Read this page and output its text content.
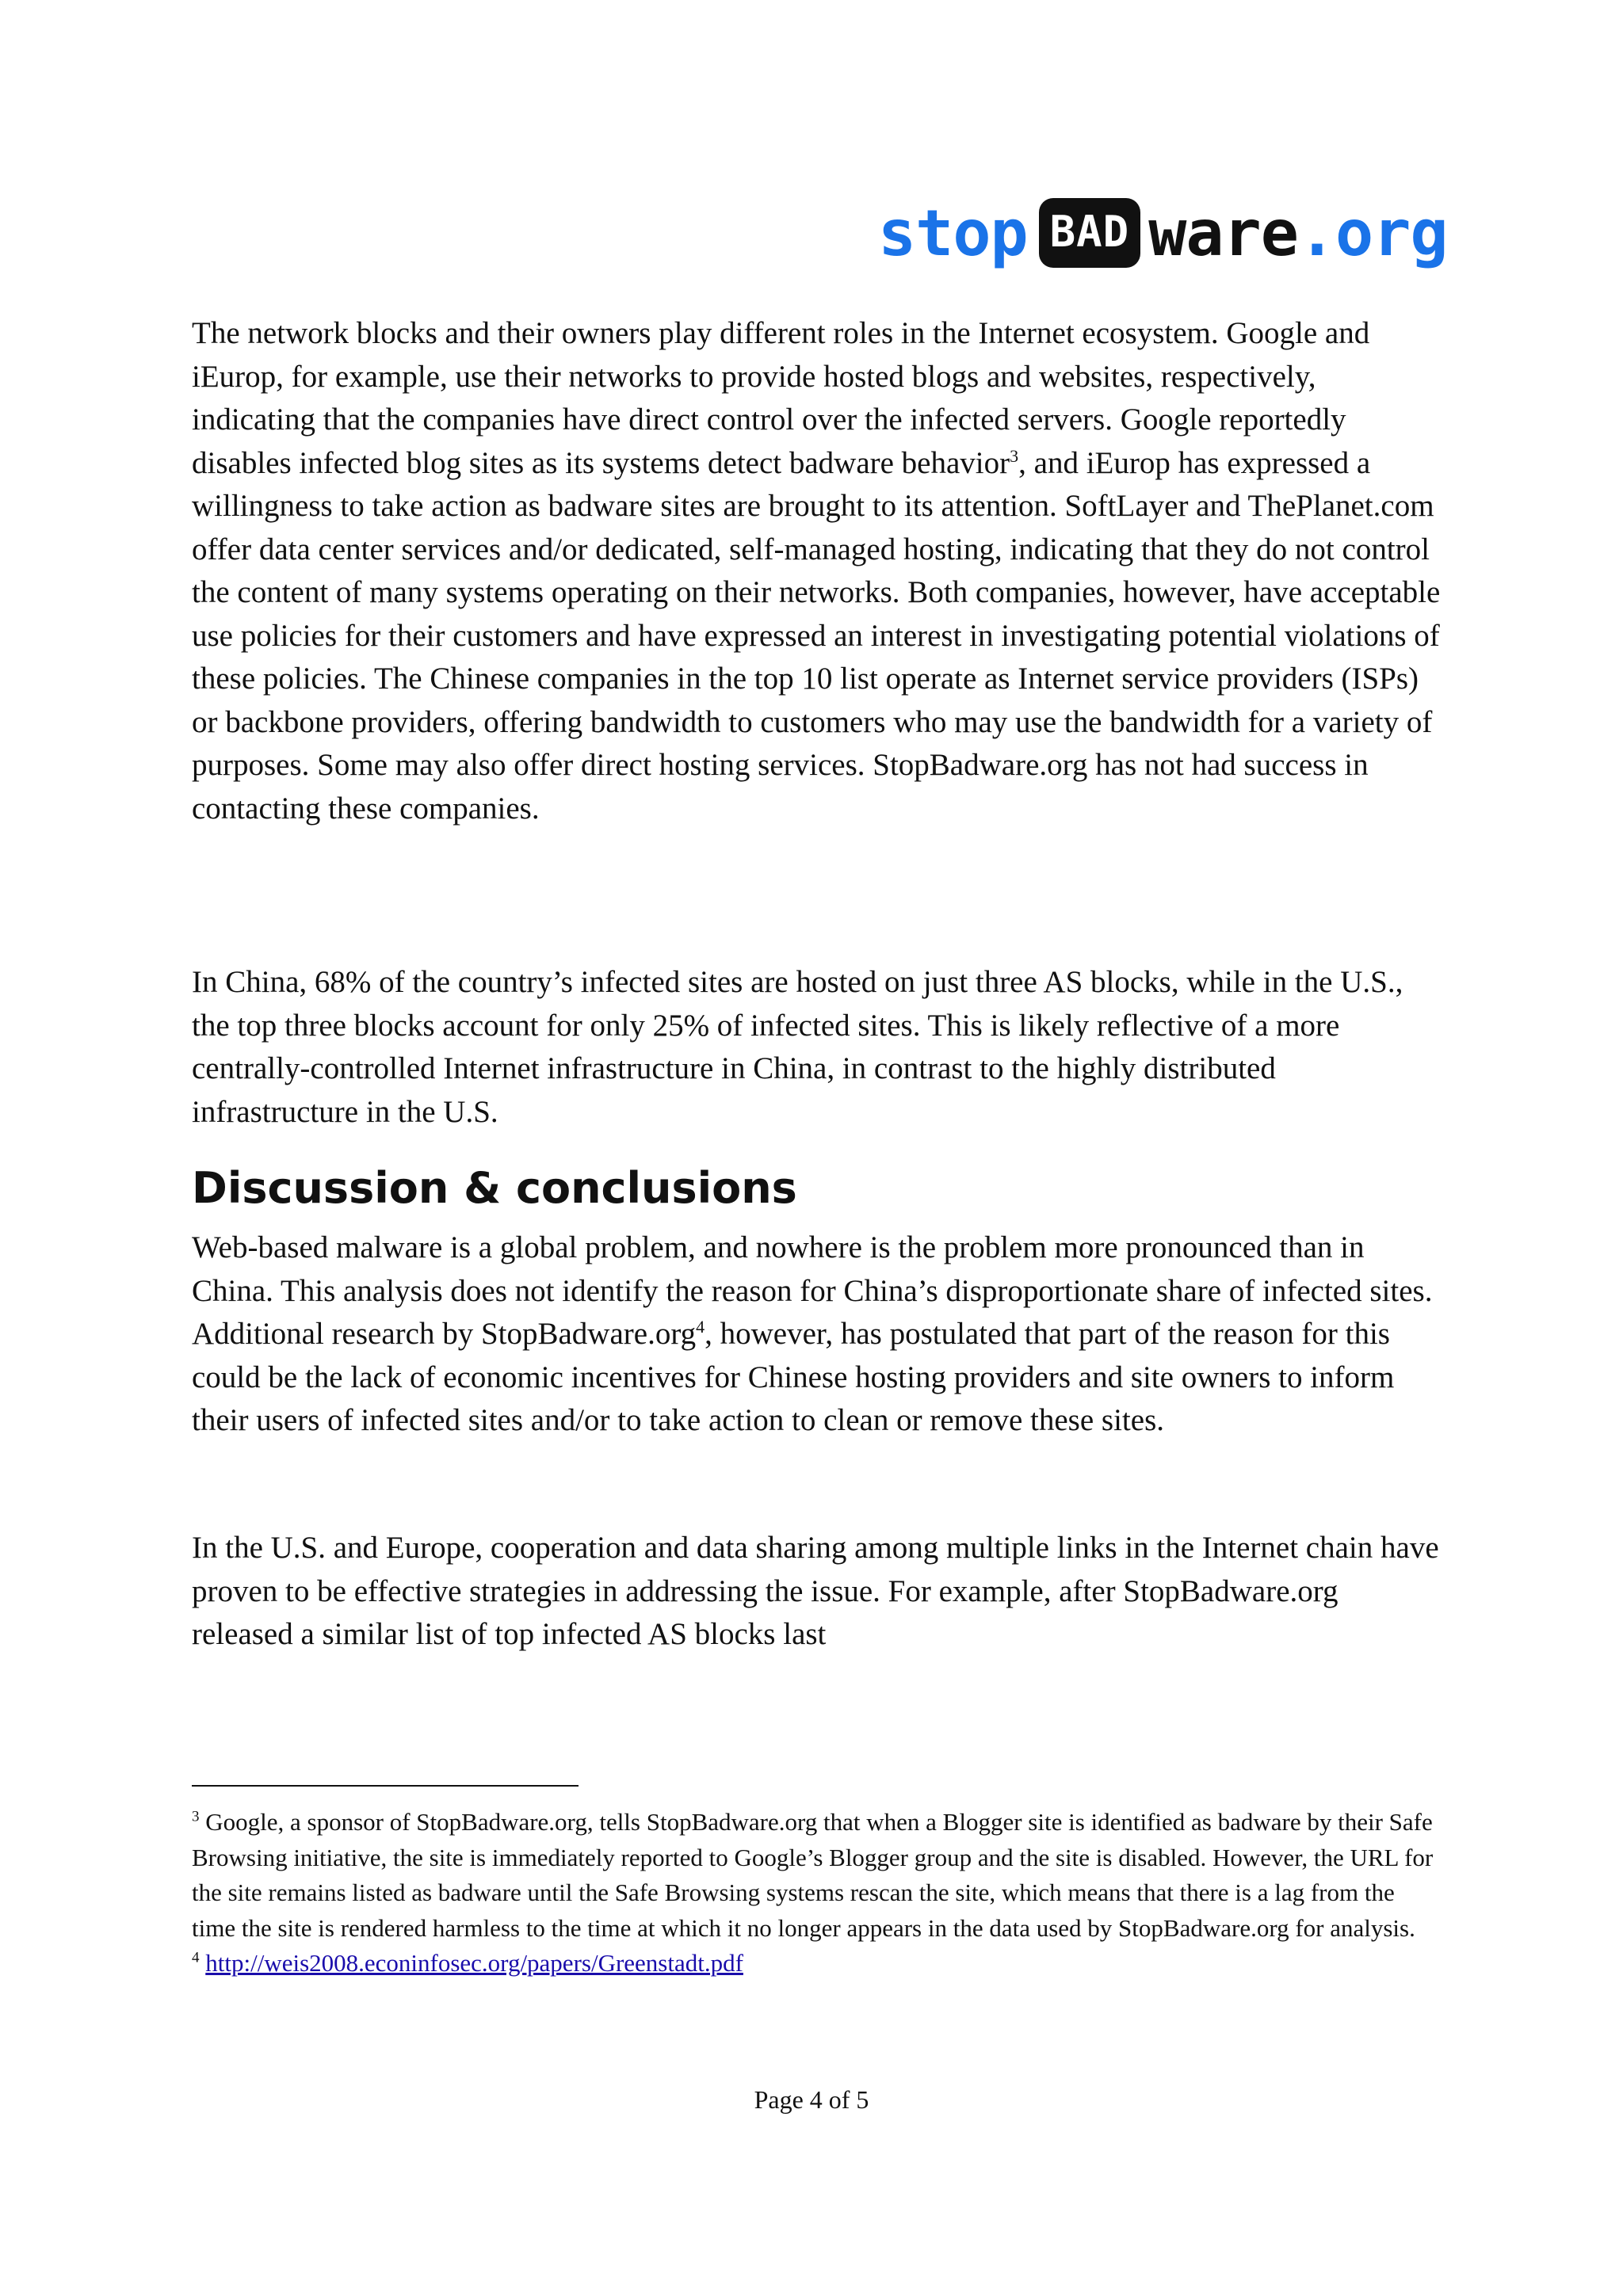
stop BAD ware . org

The network blocks and their owners play different roles in the Internet ecosystem. Google and iEurop, for example, use their networks to provide hosted blogs and websites, respectively, indicating that the companies have direct control over the infected servers. Google reportedly disables infected blog sites as its systems detect badware behavior$^3$, and iEurop has expressed a willingness to take action as badware sites are brought to its attention. SoftLayer and ThePlanet.com offer data center services and/or dedicated, self-managed hosting, indicating that they do not control the content of many systems operating on their networks. Both companies, however, have acceptable use policies for their customers and have expressed an interest in investigating potential violations of these policies. The Chinese companies in the top 10 list operate as Internet service providers (ISPs) or backbone providers, offering bandwidth to customers who may use the bandwidth for a variety of purposes. Some may also offer direct hosting services. StopBadware.org has not had success in contacting these companies.

In China, 68% of the country’s infected sites are hosted on just three AS blocks, while in the U.S., the top three blocks account for only 25% of infected sites. This is likely reflective of a more centrally-controlled Internet infrastructure in China, in contrast to the highly distributed infrastructure in the U.S.

Discussion & conclusions

Web-based malware is a global problem, and nowhere is the problem more pronounced than in China. This analysis does not identify the reason for China’s disproportionate share of infected sites. Additional research by StopBadware.org$^4$, however, has postulated that part of the reason for this could be the lack of economic incentives for Chinese hosting providers and site owners to inform their users of infected sites and/or to take action to clean or remove these sites.

In the U.S. and Europe, cooperation and data sharing among multiple links in the Internet chain have proven to be effective strategies in addressing the issue. For example, after StopBadware.org released a similar list of top infected AS blocks last

$^3$ Google, a sponsor of StopBadware.org, tells StopBadware.org that when a Blogger site is identified as badware by their Safe Browsing initiative, the site is immediately reported to Google’s Blogger group and the site is disabled. However, the URL for the site remains listed as badware until the Safe Browsing systems rescan the site, which means that there is a lag from the time the site is rendered harmless to the time at which it no longer appears in the data used by StopBadware.org for analysis.
$^4$ http://weis2008.econinfosec.org/papers/Greenstadt.pdf
Page 4 of 5
